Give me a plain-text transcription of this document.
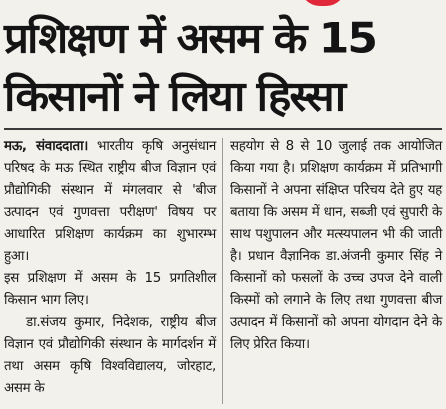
प्रशिक्षण में असम के 15
किसानों ने लिया हिस्सा

मऊ, संवाददाता। भारतीय कृषि अनुसंधान परिषद के मऊ स्थित राष्ट्रीय बीज विज्ञान एवं प्रौद्योगिकी संस्थान में मंगलवार से 'बीज उत्पादन एवं गुणवत्ता परीक्षण' विषय पर आधारित प्रशिक्षण कार्यक्रम का शुभारम्भ हुआ।

इस प्रशिक्षण में असम के 15 प्रगतिशील किसान भाग लिए।

डा.संजय कुमार, निदेशक, राष्ट्रीय बीज विज्ञान एवं प्रौद्योगिकी संस्थान के मार्गदर्शन में तथा असम कृषि विश्वविद्यालय, जोरहाट, असम के

सहयोग से 8 से 10 जुलाई तक आयोजित किया गया है। प्रशिक्षण कार्यक्रम में प्रतिभागी किसानों ने अपना संक्षिप्त परिचय देते हुए यह बताया कि असम में धान, सब्जी एवं सुपारी के साथ पशुपालन और मत्स्यपालन भी की जाती है। प्रधान वैज्ञानिक डा.अंजनी कुमार सिंह ने किसानों को फसलों के उच्च उपज देने वाली किस्मों को लगाने के लिए तथा गुणवत्ता बीज उत्पादन में किसानों को अपना योगदान देने के लिए प्रेरित किया।
